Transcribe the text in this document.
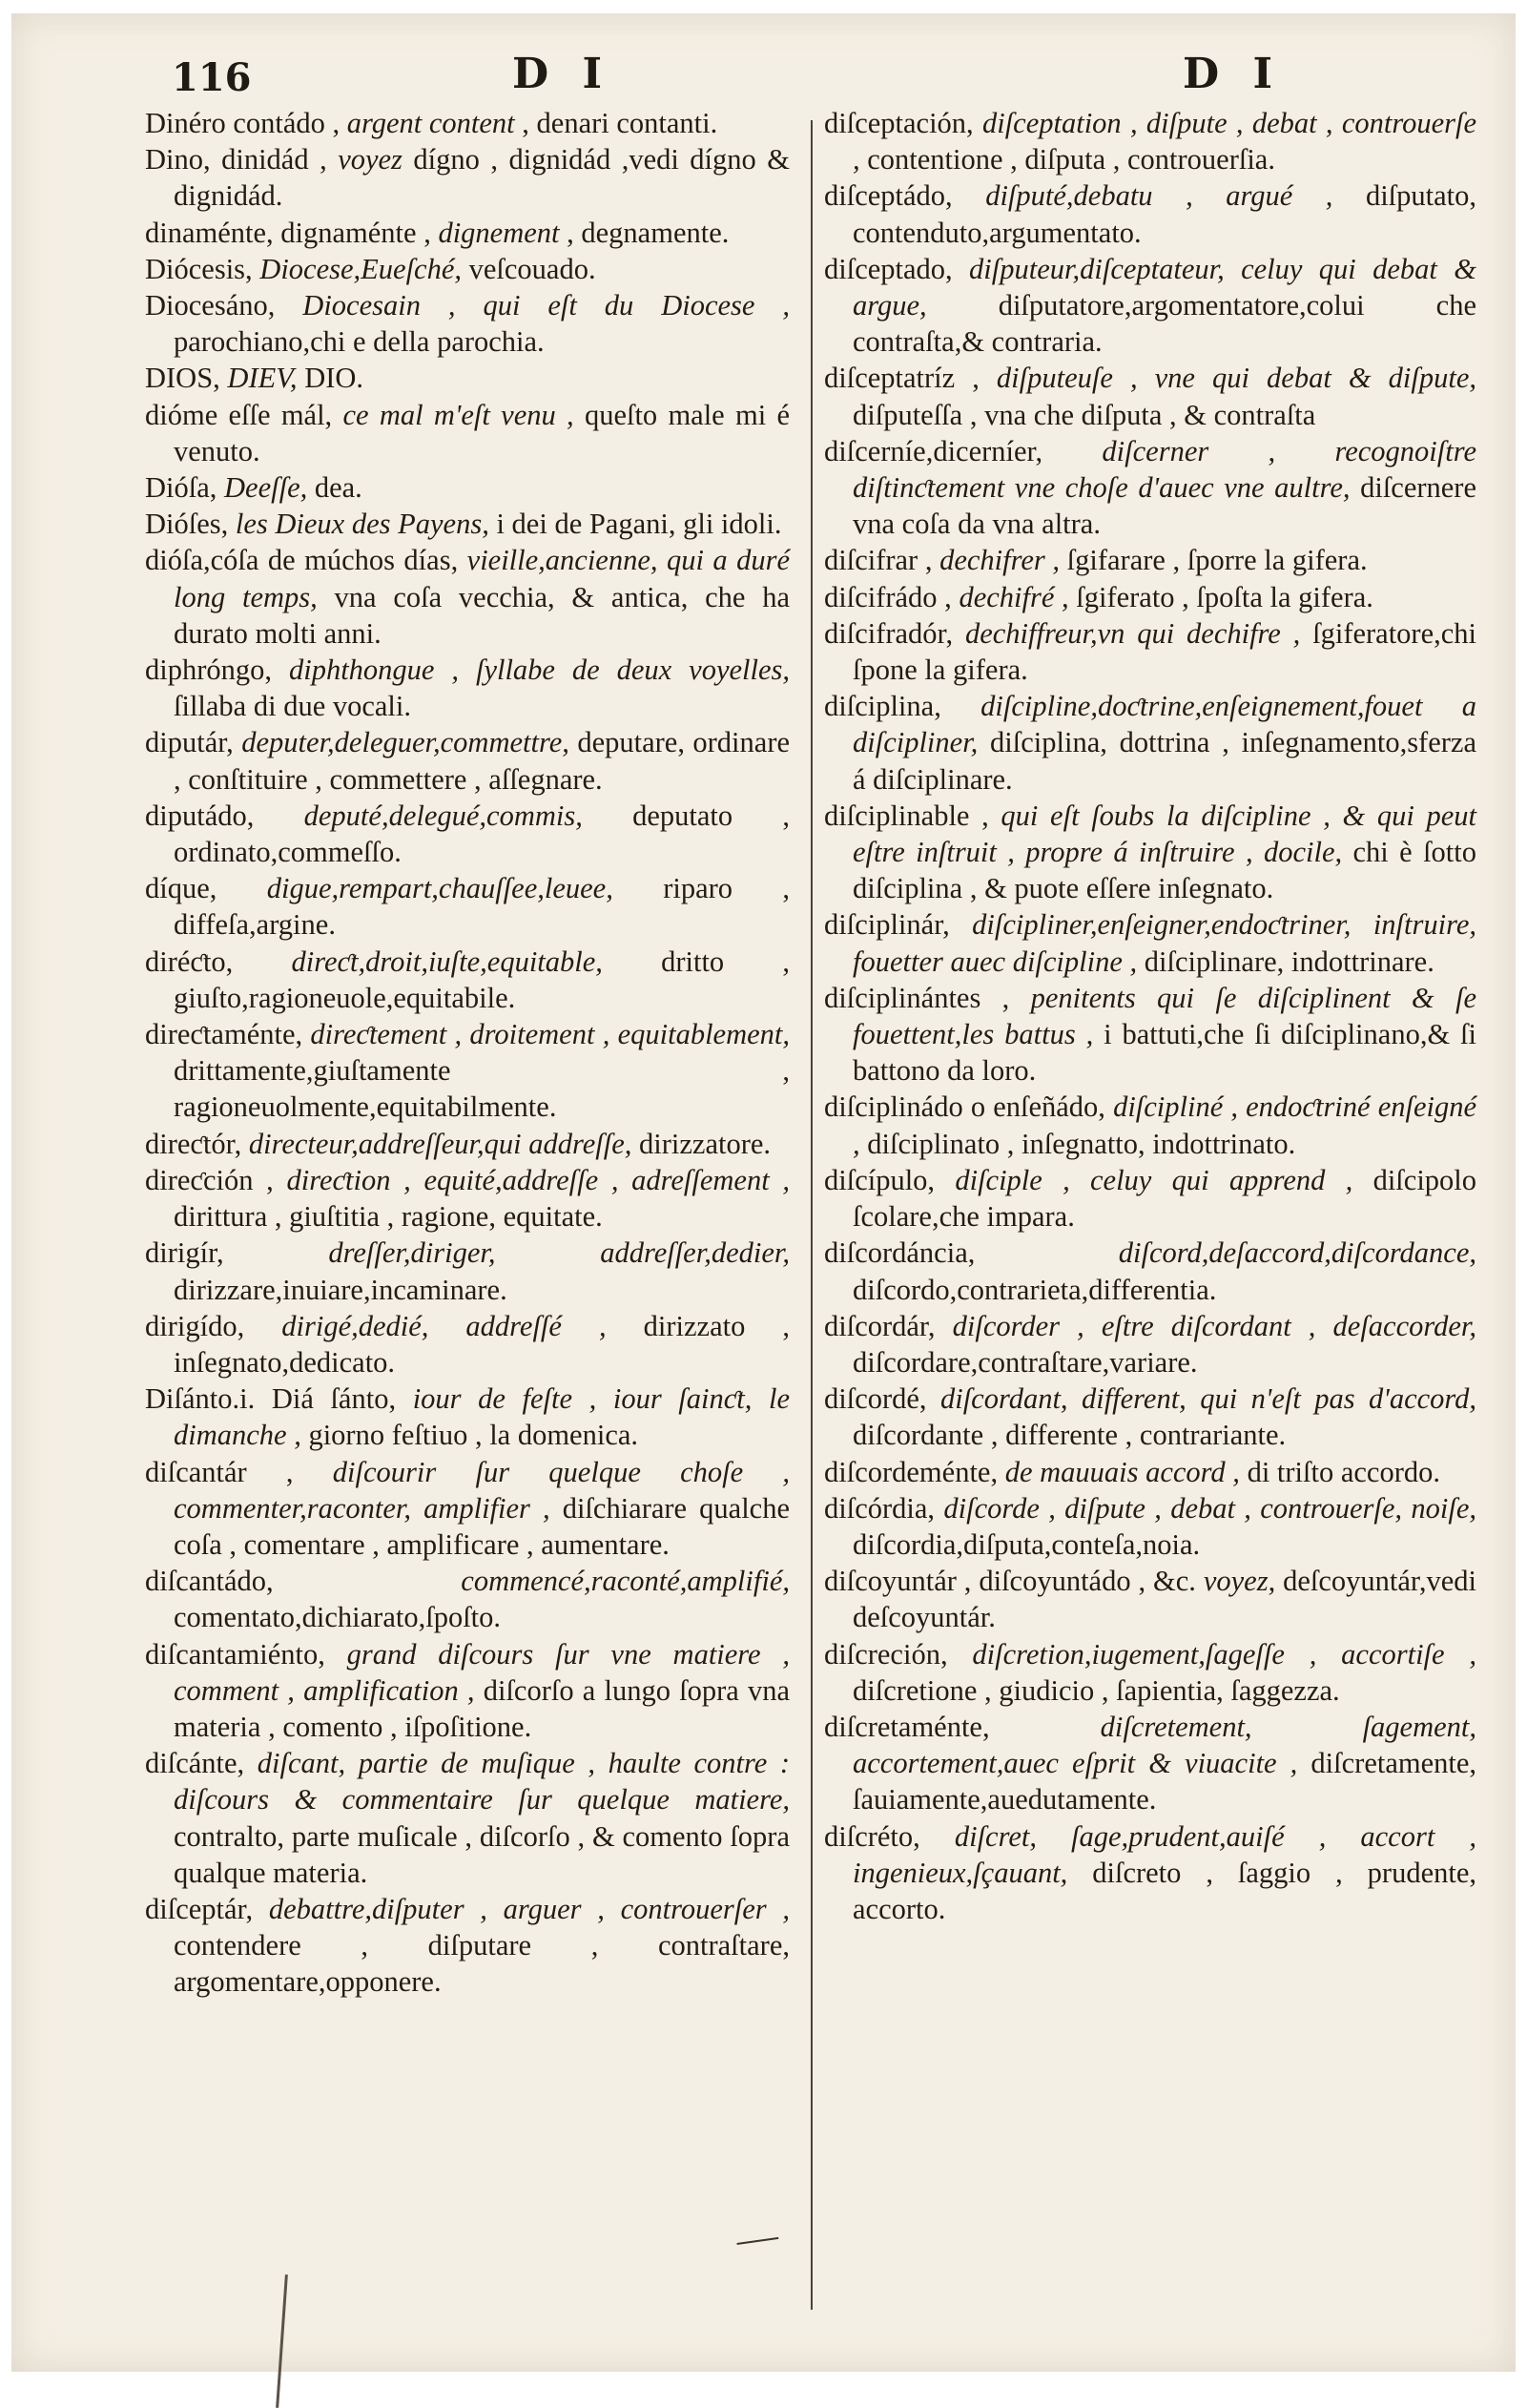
116	D I	D I

Dinéro contádo , argent content , denari contanti.

Dino, dinidád , voyez dígno , dignidád ,vedi dígno & dignidád.

dinaménte, dignaménte , dignement , degnamente.

Diócesis, Diocese,Eueſché, veſcouado.

Diocesáno, Diocesain , qui eſt du Diocese , parochiano,chi e della parochia.

DIOS, DIEV, DIO.

dióme eſſe mál, ce mal m'eſt venu , queſto male mi é venuto.

Dióſa, Deeſſe, dea.

Dióſes, les Dieux des Payens, i dei de Pagani, gli idoli.

dióſa,cóſa de múchos días, vieille,ancienne, qui a duré long temps, vna coſa vecchia, & antica, che ha durato molti anni.

diphróngo, diphthongue , ſyllabe de deux voyelles, ſillaba di due vocali.

diputár, deputer,deleguer,commettre, deputare, ordinare , conſtituire , commettere , aſſegnare.

diputádo, deputé,delegué,commis, deputato , ordinato,commeſſo.

díque, digue,rempart,chauſſee,leuee, riparo , diffeſa,argine.

diréƈto, direƈt,droit,iuſte,equitable, dritto , giuſto,ragioneuole,equitabile.

direƈtaménte, direƈtement , droitement , equitablement, drittamente,giuſtamente , ragioneuolmente,equitabilmente.

direƈtór, directeur,addreſſeur,qui addreſſe, dirizzatore.

direƈción , direƈtion , equité,addreſſe , adreſſement , dirittura , giuſtitia , ragione, equitate.

dirigír,	dreſſer,diriger, addreſſer,dedier, dirizzare,inuiare,incaminare.

dirigído, dirigé,dedié, addreſſé , dirizzato , inſegnato,dedicato.

Diſánto.i. Diá ſánto, iour de feſte , iour ſainƈt, le dimanche , giorno feſtiuo , la domenica.

diſcantár , diſcourir ſur quelque choſe , commenter,raconter, amplifier , diſchiarare qualche coſa , comentare , amplificare , aumentare.

diſcantádo,	commencé,raconté,amplifié, comentato,dichiarato,ſpoſto.

diſcantamiénto, grand diſcours ſur vne matiere , comment , amplification , diſcorſo a lungo ſopra vna materia , comento , iſpoſitione.

diſcánte, diſcant, partie de muſique , haulte contre : diſcours & commentaire ſur quelque matiere, contralto, parte muſicale , diſcorſo , & comento ſopra qualque materia.

diſceptár, debattre,diſputer , arguer , controuerſer , contendere , diſputare , contraſtare, argomentare,opponere.

diſceptación, diſceptation , diſpute , debat , controuerſe , contentione , diſputa , controuerſia.

diſceptádo, diſputé,debatu , argué , diſputato, contenduto,argumentato.

diſceptado, diſputeur,diſceptateur, celuy qui debat & argue, diſputatore,argomentatore,colui che contraſta,& contraria.

diſceptatríz , diſputeuſe , vne qui debat & diſpute, diſputeſſa , vna che diſputa , & contraſta

diſcerníe,dicerníer, diſcerner , recognoiſtre diſtinƈtement vne choſe d'auec vne aultre, diſcernere vna coſa da vna altra.

diſcifrar , dechifrer , ſgifarare , ſporre la gifera.

diſcifrádo , dechifré , ſgiferato , ſpoſta la gifera.

diſcifradór, dechiffreur,vn qui dechifre , ſgiferatore,chi ſpone la gifera.

diſciplina, diſcipline,doƈtrine,enſeignement,fouet a diſcipliner, diſciplina, dottrina , inſegnamento,sferza á diſciplinare.

diſciplinable , qui eſt ſoubs la diſcipline , & qui peut eſtre inſtruit , propre á inſtruire , docile, chi è ſotto diſciplina , & puote eſſere inſegnato.

diſciplinár, diſcipliner,enſeigner,endoƈtriner, inſtruire, fouetter auec diſcipline , diſciplinare, indottrinare.

diſciplinántes , penitents qui ſe diſciplinent & ſe fouettent,les battus , i battuti,che ſi diſciplinano,& ſi battono da loro.

diſciplinádo o enſeñádo, diſcipliné , endoƈtriné enſeigné , diſciplinato , inſegnatto, indottrinato.

diſcípulo, diſciple , celuy qui apprend , diſcipolo ſcolare,che impara.

diſcordáncia,	diſcord,deſaccord,diſcordance, diſcordo,contrarieta,differentia.

diſcordár, diſcorder , eſtre diſcordant , deſaccorder, diſcordare,contraſtare,variare.

diſcordé, diſcordant, different, qui n'eſt pas d'accord, diſcordante , differente , contrariante.

diſcordeménte, de mauuais accord , di triſto accordo.

diſcórdia, diſcorde , diſpute , debat , controuerſe, noiſe, diſcordia,diſputa,conteſa,noia.

diſcoyuntár , diſcoyuntádo , &c. voyez, deſcoyuntár,vedi deſcoyuntár.

diſcreción, diſcretion,iugement,ſageſſe , accortiſe , diſcretione , giudicio , ſapientia, ſaggezza.

diſcretaménte,	diſcretement, ſagement, accortement,auec eſprit & viuacite , diſcretamente, ſauiamente,auedutamente.

diſcréto, diſcret, ſage,prudent,auiſé , accort , ingenieux,ſçauant, diſcreto , ſaggio , prudente, accorto.
